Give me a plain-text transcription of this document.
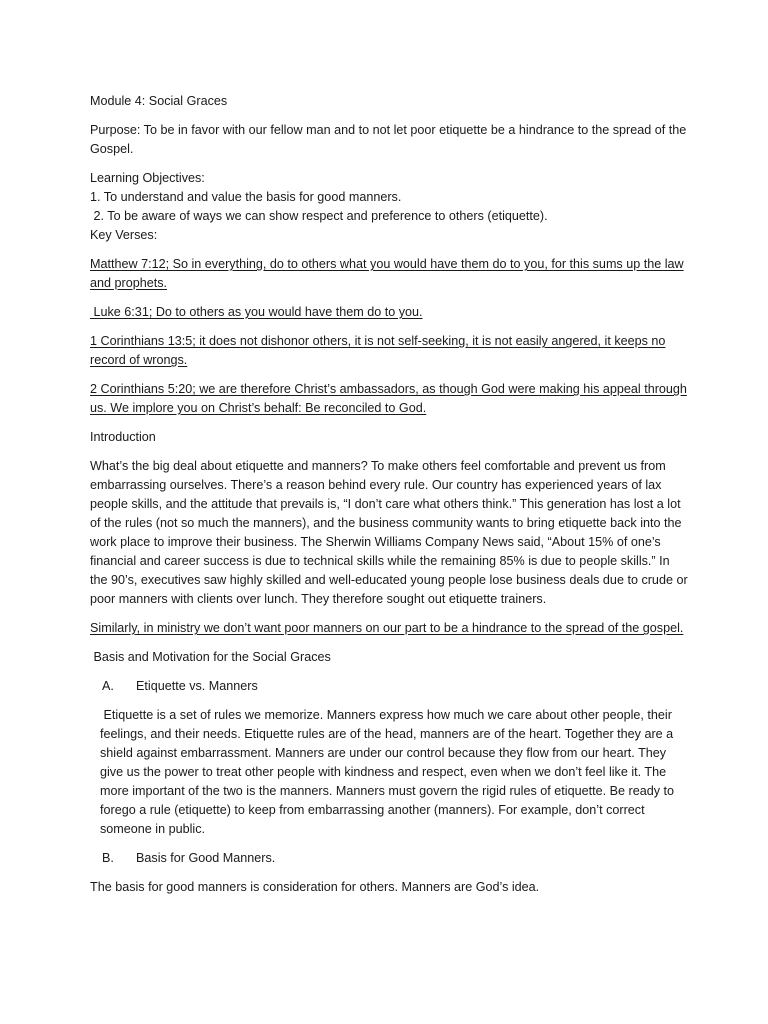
Module 4: Social Graces

Purpose: To be in favor with our fellow man and to not let poor etiquette be a hindrance to the spread of the Gospel.

Learning Objectives:

1. To understand and value the basis for good manners.

2. To be aware of ways we can show respect and preference to others (etiquette).

Key Verses:

Matthew 7:12; So in everything, do to others what you would have them do to you, for this sums up the law and prophets.

Luke 6:31; Do to others as you would have them do to you.

1 Corinthians 13:5; it does not dishonor others, it is not self-seeking, it is not easily angered, it keeps no record of wrongs.

2 Corinthians 5:20; we are therefore Christ’s ambassadors, as though God were making his appeal through us. We implore you on Christ’s behalf: Be reconciled to God.

Introduction

What’s the big deal about etiquette and manners? To make others feel comfortable and prevent us from embarrassing ourselves. There’s a reason behind every rule. Our country has experienced years of lax people skills, and the attitude that prevails is, “I don’t care what others think.” This generation has lost a lot of the rules (not so much the manners), and the business community wants to bring etiquette back into the work place to improve their business. The Sherwin Williams Company News said, “About 15% of one’s financial and career success is due to technical skills while the remaining 85% is due to people skills.” In the 90’s, executives saw highly skilled and well-educated young people lose business deals due to crude or poor manners with clients over lunch. They therefore sought out etiquette trainers.

Similarly, in ministry we don’t want poor manners on our part to be a hindrance to the spread of the gospel.

Basis and Motivation for the Social Graces

A.	Etiquette vs. Manners

Etiquette is a set of rules we memorize. Manners express how much we care about other people, their feelings, and their needs. Etiquette rules are of the head, manners are of the heart. Together they are a shield against embarrassment. Manners are under our control because they flow from our heart. They give us the power to treat other people with kindness and respect, even when we don’t feel like it. The more important of the two is the manners. Manners must govern the rigid rules of etiquette. Be ready to forego a rule (etiquette) to keep from embarrassing another (manners). For example, don’t correct someone in public.

B.	Basis for Good Manners.

The basis for good manners is consideration for others. Manners are God’s idea.
